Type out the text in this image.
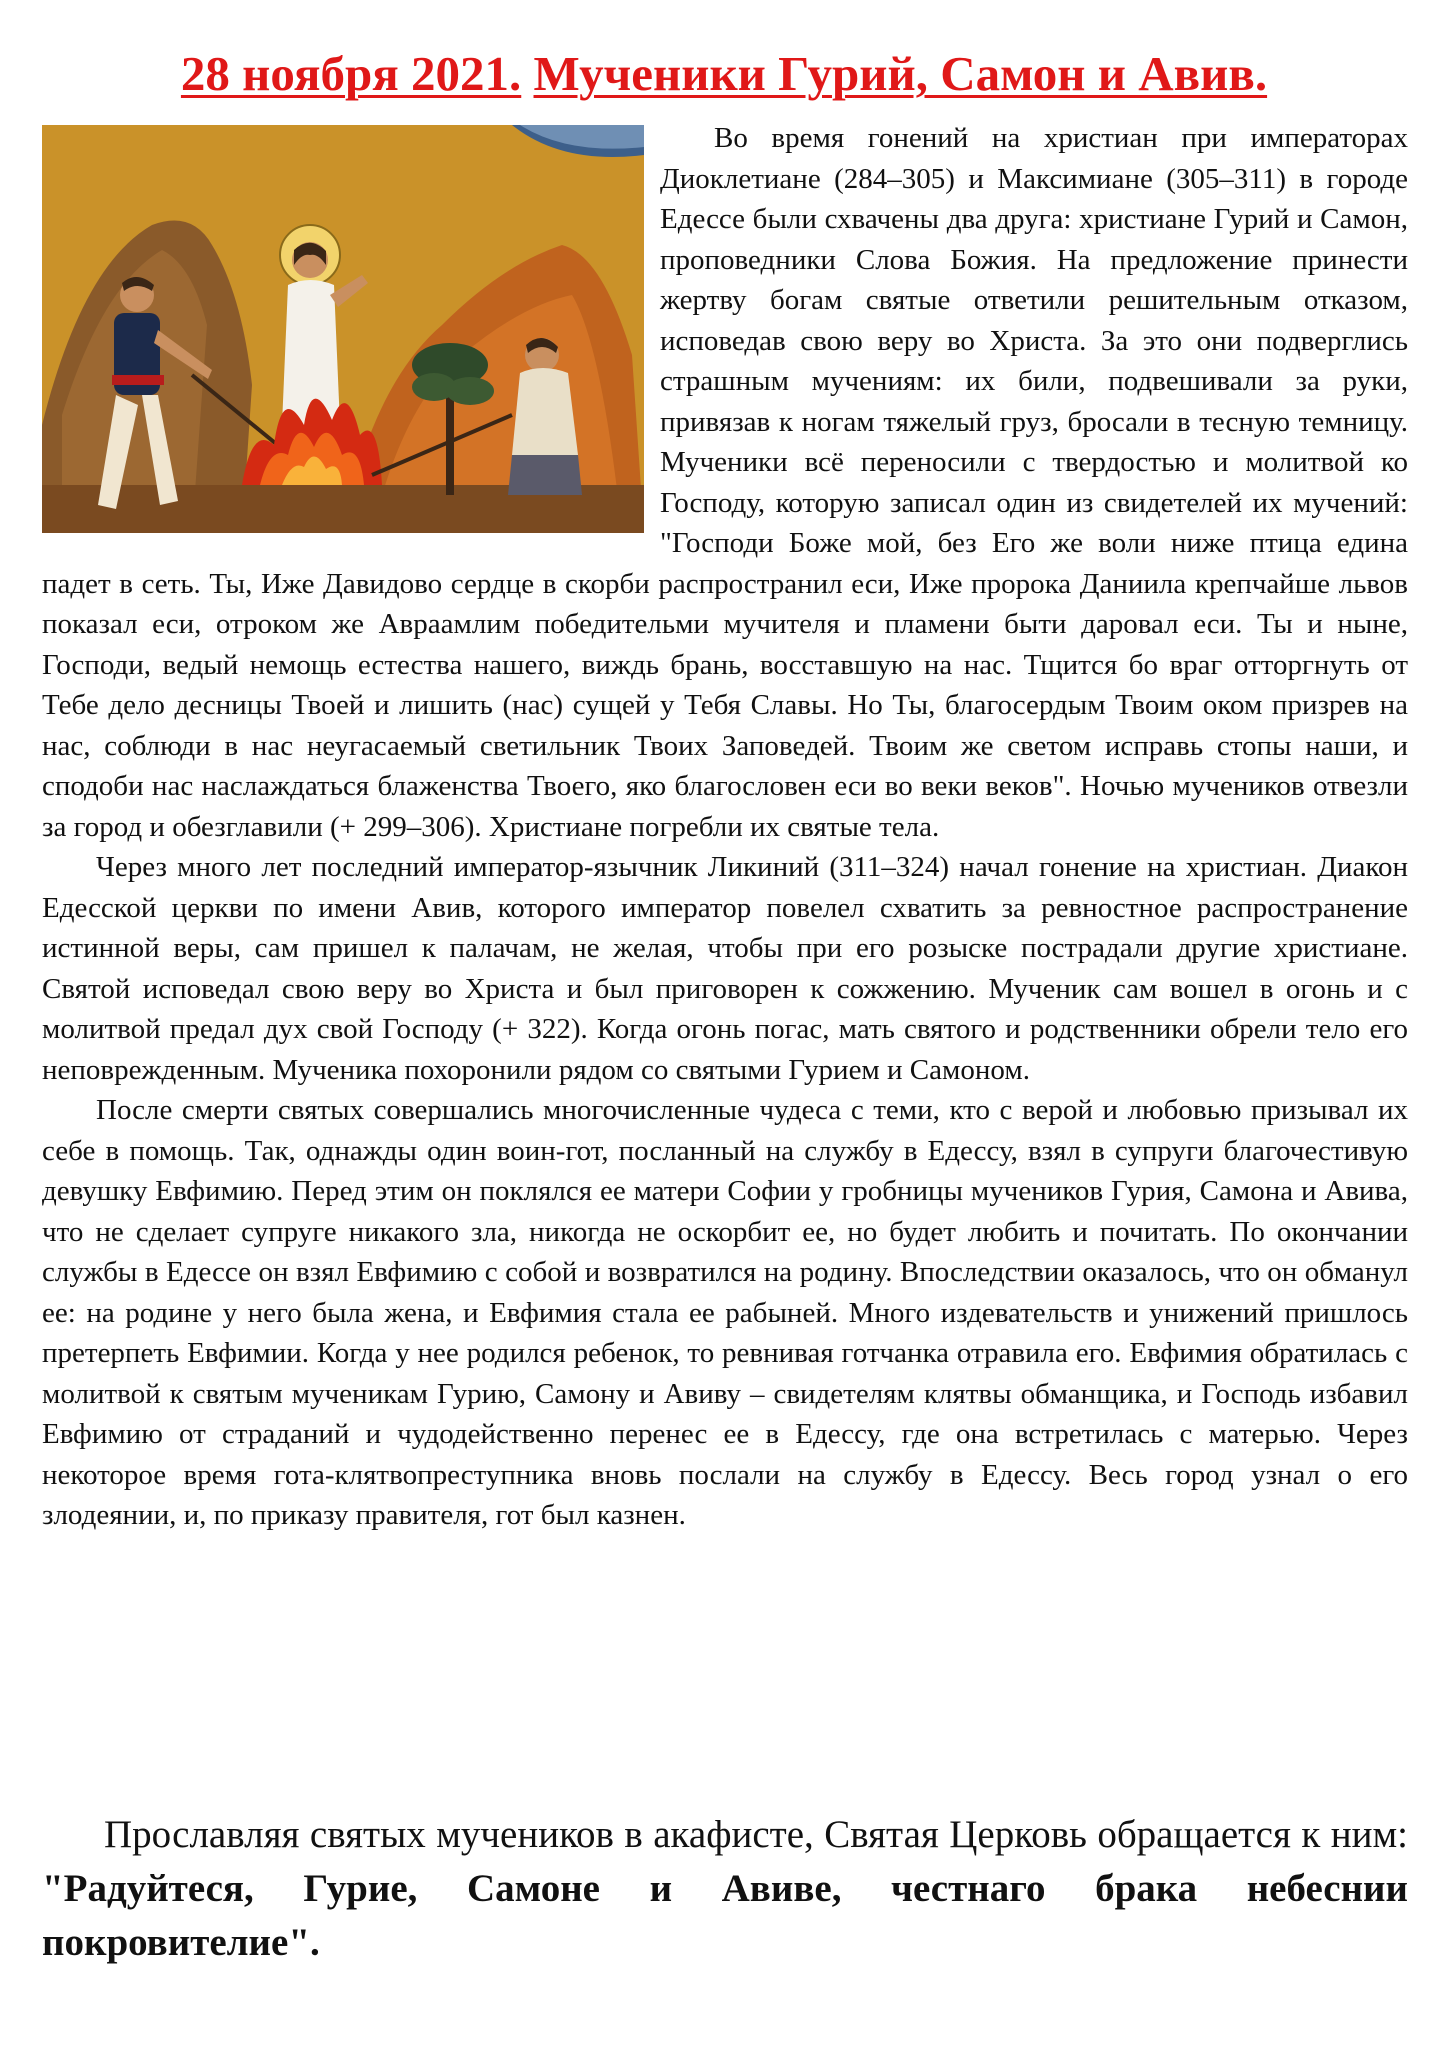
28 ноября 2021. Мученики Гурий, Самон и Авив.

Во время гонений на христиан при императорах Диоклетиане (284–305) и Максимиане (305–311) в городе Едессе были схвачены два друга: христиане Гурий и Самон, проповедники Слова Божия. На предложение принести жертву богам святые ответили решительным отказом, исповедав свою веру во Христа. За это они подверглись страшным мучениям: их били, подвешивали за руки, привязав к ногам тяжелый груз, бросали в тесную темницу. Мученики всё переносили с твердостью и молитвой ко Господу, которую записал один из свидетелей их мучений: "Господи Боже мой, без Его же воли ниже птица едина падет в сеть. Ты, Иже Давидово сердце в скорби распространил еси, Иже пророка Даниила крепчайше львов показал еси, отроком же Авраамлим победительми мучителя и пламени быти даровал еси. Ты и ныне, Господи, ведый немощь естества нашего, виждь брань, восставшую на нас. Тщится бо враг отторгнуть от Тебе дело десницы Твоей и лишить (нас) сущей у Тебя Славы. Но Ты, благосердым Твоим оком призрев на нас, соблюди в нас неугасаемый светильник Твоих Заповедей. Твоим же светом исправь стопы наши, и сподоби нас наслаждаться блаженства Твоего, яко благословен еси во веки веков". Ночью мучеников отвезли за город и обезглавили (+ 299–306). Христиане погребли их святые тела.

Через много лет последний император-язычник Ликиний (311–324) начал гонение на христиан. Диакон Едесской церкви по имени Авив, которого император повелел схватить за ревностное распространение истинной веры, сам пришел к палачам, не желая, чтобы при его розыске пострадали другие христиане. Святой исповедал свою веру во Христа и был приговорен к сожжению. Мученик сам вошел в огонь и с молитвой предал дух свой Господу (+ 322). Когда огонь погас, мать святого и родственники обрели тело его неповрежденным. Мученика похоронили рядом со святыми Гурием и Самоном.

После смерти святых совершались многочисленные чудеса с теми, кто с верой и любовью призывал их себе в помощь. Так, однажды один воин-гот, посланный на службу в Едессу, взял в супруги благочестивую девушку Евфимию. Перед этим он поклялся ее матери Софии у гробницы мучеников Гурия, Самона и Авива, что не сделает супруге никакого зла, никогда не оскорбит ее, но будет любить и почитать. По окончании службы в Едессе он взял Евфимию с собой и возвратился на родину. Впоследствии оказалось, что он обманул ее: на родине у него была жена, и Евфимия стала ее рабыней. Много издевательств и унижений пришлось претерпеть Евфимии. Когда у нее родился ребенок, то ревнивая готчанка отравила его. Евфимия обратилась с молитвой к святым мученикам Гурию, Самону и Авиву – свидетелям клятвы обманщика, и Господь избавил Евфимию от страданий и чудодейственно перенес ее в Едессу, где она встретилась с матерью. Через некоторое время гота-клятвопреступника вновь послали на службу в Едессу. Весь город узнал о его злодеянии, и, по приказу правителя, гот был казнен.

Прославляя святых мучеников в акафисте, Святая Церковь обращается к ним: "Радуйтеся, Гурие, Самоне и Авиве, честнаго брака небеснии покровителие".
